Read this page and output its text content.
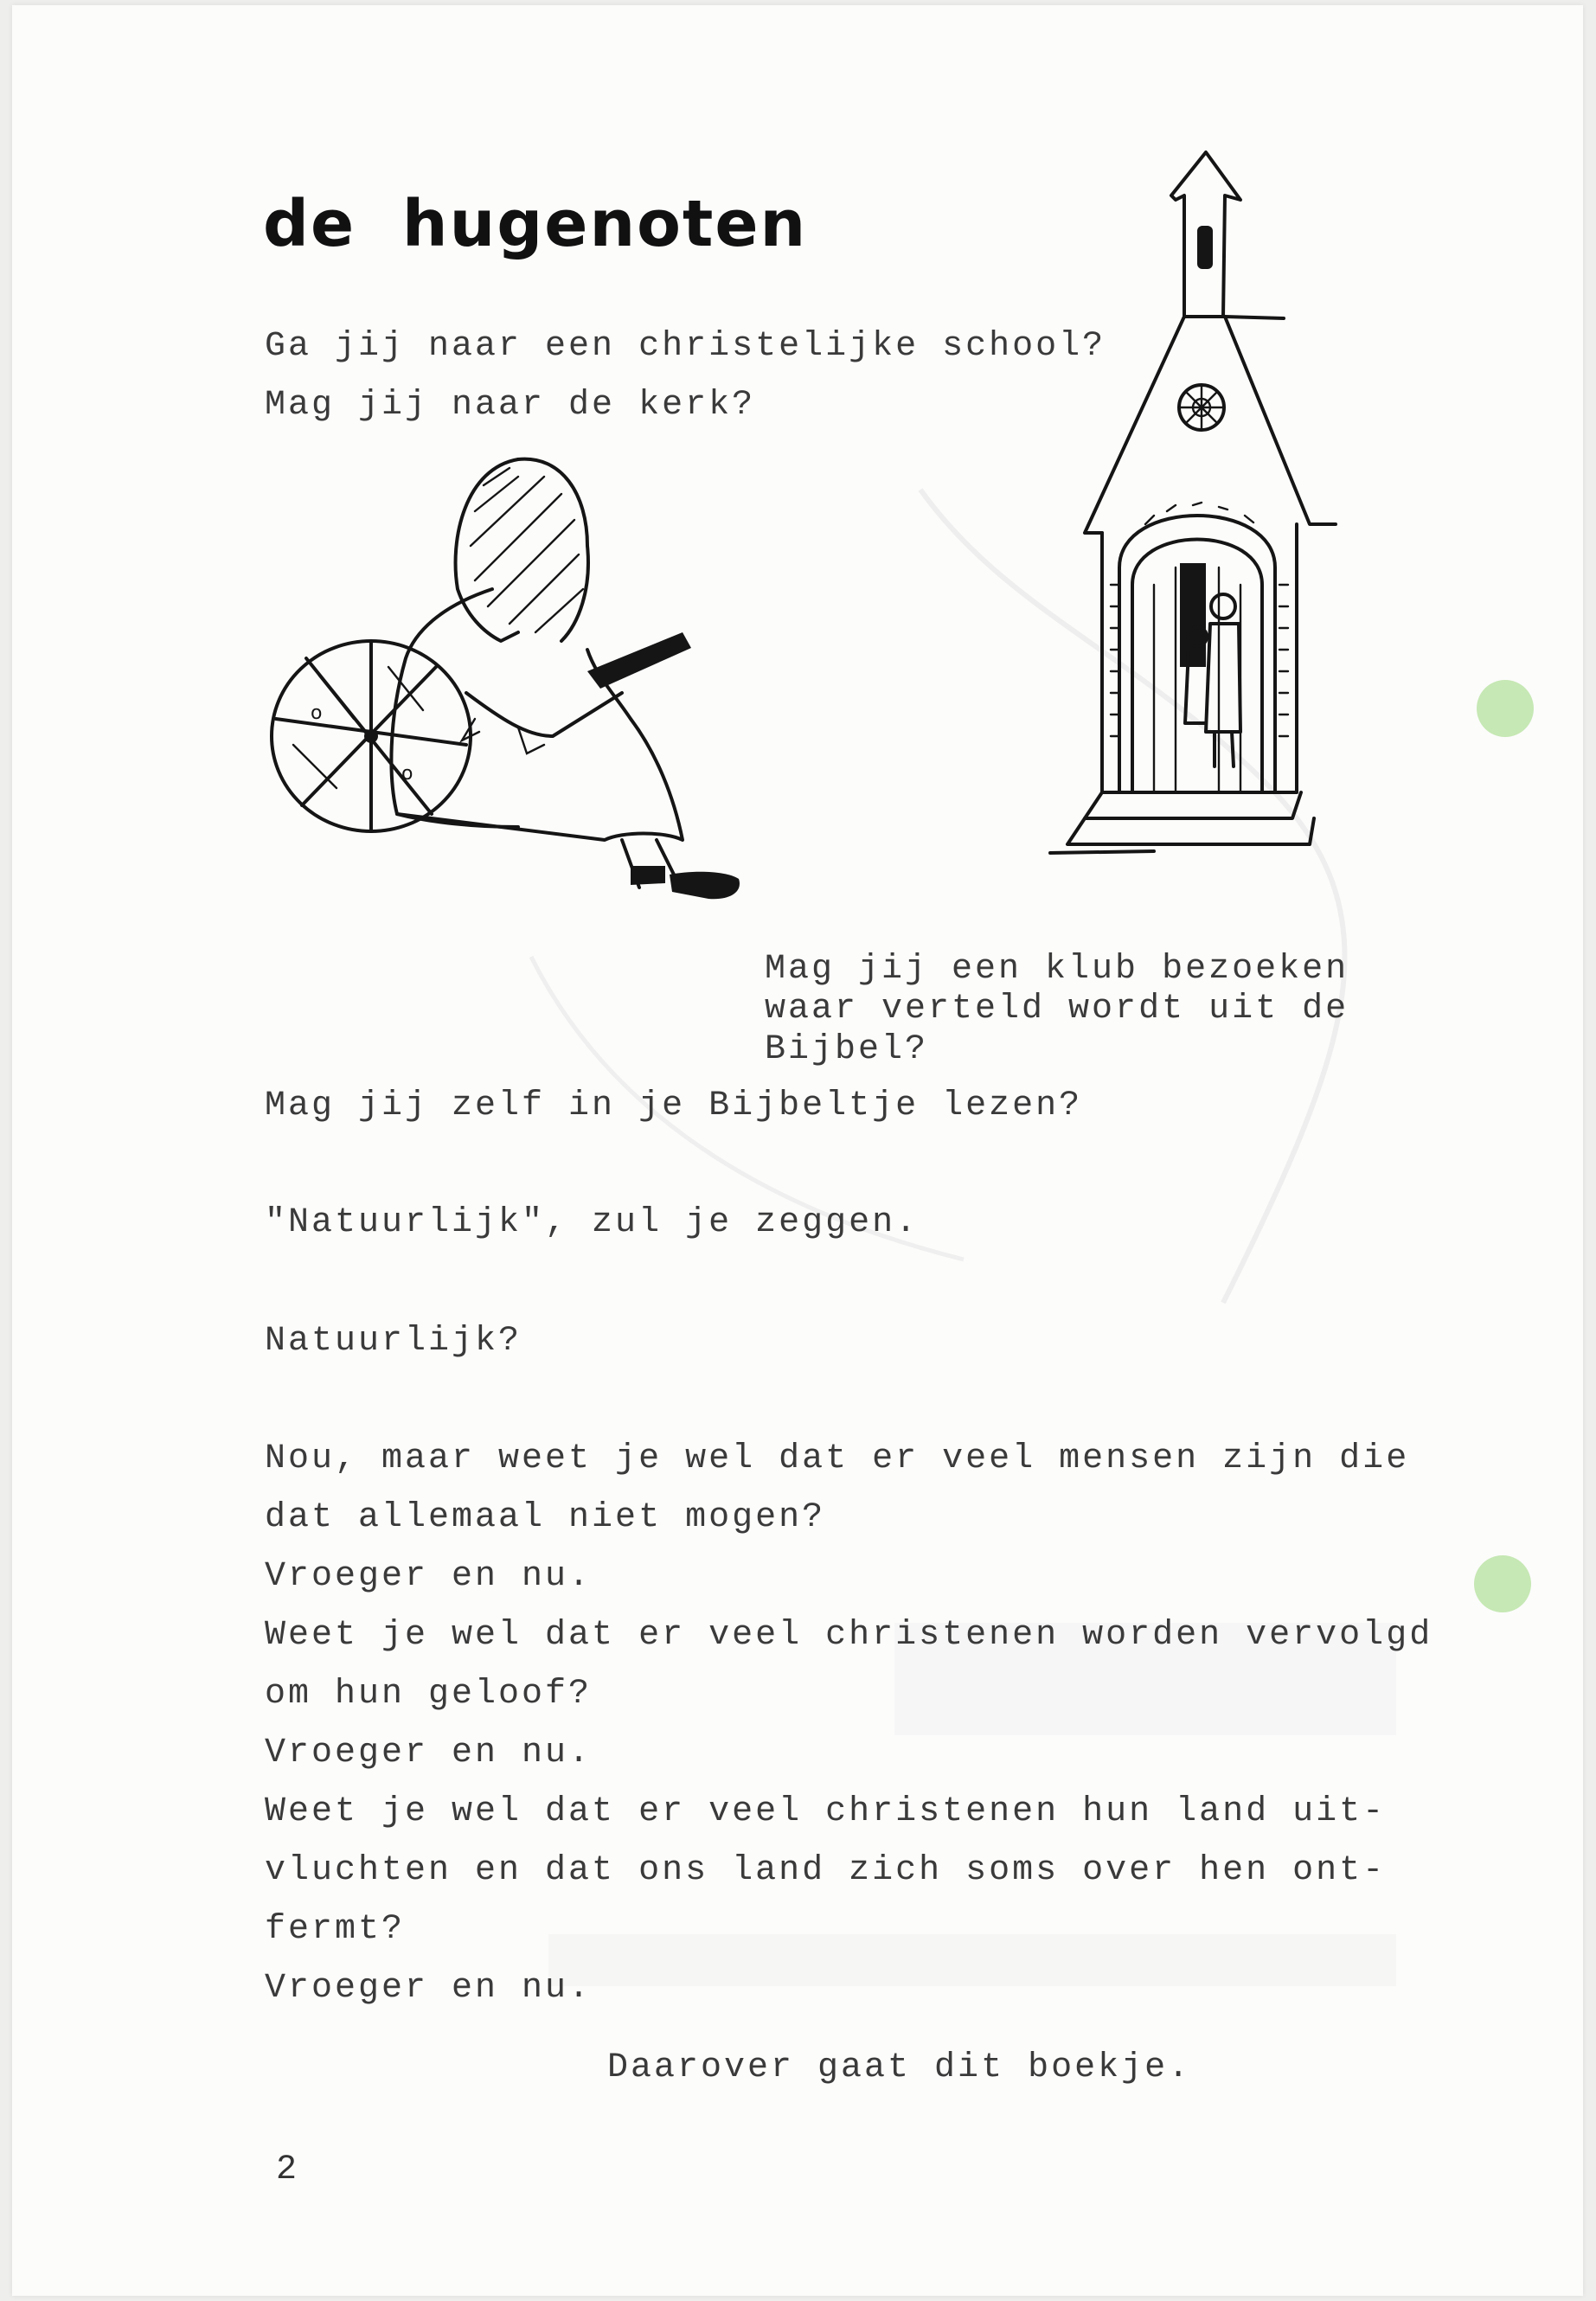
de hugenoten

Ga jij naar een christelijke school?

Mag jij naar de kerk?

o
o

Mag jij een klub bezoeken

waar verteld wordt uit de

Bijbel?

Mag jij zelf in je Bijbeltje lezen?

"Natuurlijk", zul je zeggen.

Natuurlijk?

Nou, maar weet je wel dat er veel mensen zijn die

dat allemaal niet mogen?

Vroeger en nu.

Weet je wel dat er veel christenen worden vervolgd

om hun geloof?

Vroeger en nu.

Weet je wel dat er veel christenen hun land uit-

vluchten en dat ons land zich soms over hen ont-

fermt?

Vroeger en nu.

Daarover gaat dit boekje.

2
